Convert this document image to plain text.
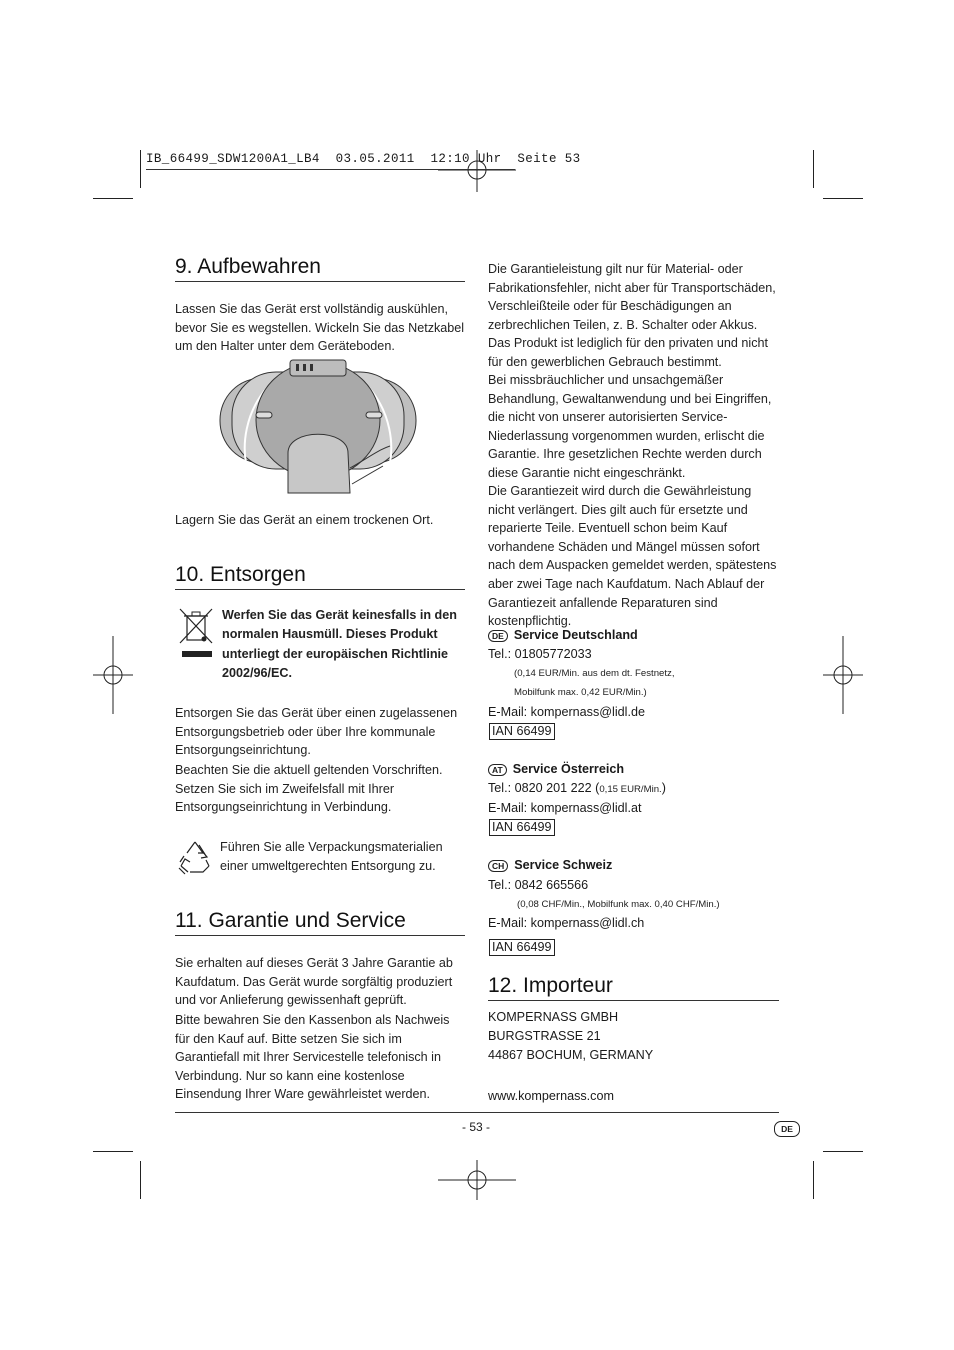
IB_66499_SDW1200A1_LB4  03.05.2011  12:10 Uhr  Seite 53
9. Aufbewahren
Lassen Sie das Gerät erst vollständig auskühlen, bevor Sie es wegstellen. Wickeln Sie das Netzkabel um den Halter unter dem Geräteboden.
Lagern Sie das Gerät an einem trockenen Ort.
10. Entsorgen
Werfen Sie das Gerät keinesfalls in den normalen Hausmüll. Dieses Produkt unterliegt der europäischen Richtlinie 2002/96/EC.
Entsorgen Sie das Gerät über einen zugelassenen Entsorgungsbetrieb oder über Ihre kommunale Entsorgungseinrichtung.
Beachten Sie die aktuell geltenden Vorschriften. Setzen Sie sich im Zweifelsfall mit Ihrer Entsorgungseinrichtung in Verbindung.
Führen Sie alle Verpackungsmaterialien einer umweltgerechten Entsorgung zu.
11. Garantie und Service
Sie erhalten auf dieses Gerät 3 Jahre Garantie ab Kaufdatum. Das Gerät wurde sorgfältig produziert und vor Anlieferung gewissenhaft geprüft.
Bitte bewahren Sie den Kassenbon als Nachweis für den Kauf auf. Bitte setzen Sie sich im Garantiefall mit Ihrer Servicestelle telefonisch in Verbindung. Nur so kann eine kostenlose Einsendung Ihrer Ware gewährleistet werden.
Die Garantieleistung gilt nur für Material- oder Fabrikationsfehler, nicht aber für Transportschäden, Verschleißteile oder für Beschädigungen an zerbrechlichen Teilen, z. B. Schalter oder Akkus. Das Produkt ist lediglich für den privaten und nicht für den gewerblichen Gebrauch bestimmt.
Bei missbräuchlicher und unsachgemäßer Behandlung, Gewaltanwendung und bei Eingriffen, die nicht von unserer autorisierten Service-Niederlassung vorgenommen wurden, erlischt die Garantie. Ihre gesetzlichen Rechte werden durch diese Garantie nicht eingeschränkt.
Die Garantiezeit wird durch die Gewährleistung nicht verlängert. Dies gilt auch für ersetzte und reparierte Teile. Eventuell schon beim Kauf vorhandene Schäden und Mängel müssen sofort nach dem Auspacken gemeldet werden, spätestens aber zwei Tage nach Kaufdatum. Nach Ablauf der Garantiezeit anfallende Reparaturen sind kostenpflichtig.
DE Service Deutschland
Tel.: 01805772033
(0,14 EUR/Min. aus dem dt. Festnetz,
Mobilfunk max. 0,42 EUR/Min.)
E-Mail: kompernass@lidl.de
IAN 66499
AT Service Österreich
Tel.: 0820 201 222 (0,15 EUR/Min.)
E-Mail: kompernass@lidl.at
IAN 66499
CH Service Schweiz
Tel.: 0842 665566
(0,08 CHF/Min., Mobilfunk max. 0,40 CHF/Min.)
E-Mail: kompernass@lidl.ch
IAN 66499
12. Importeur
KOMPERNASS GMBH
BURGSTRASSE 21
44867 BOCHUM, GERMANY
www.kompernass.com
- 53 -	DE
